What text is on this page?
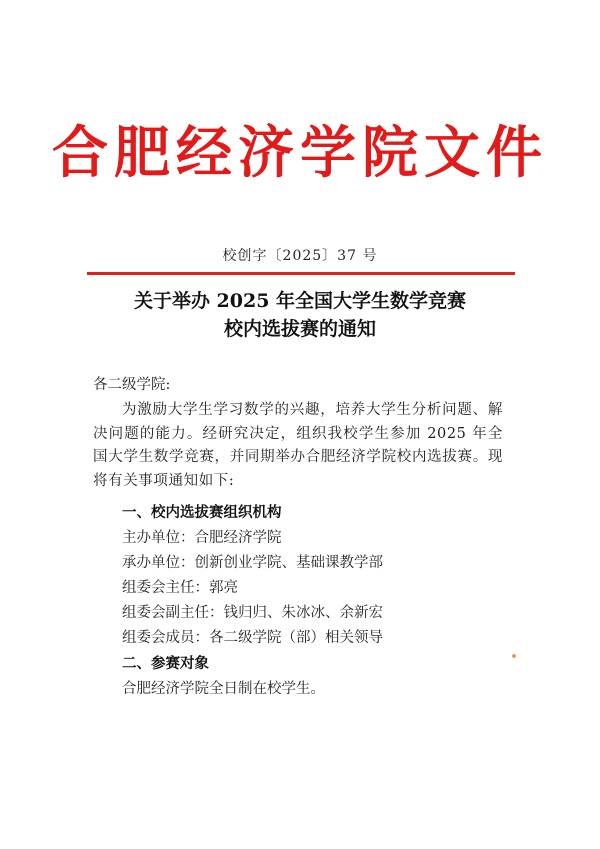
合肥经济学院文件
校创字〔2025〕37 号
关于举办 2025 年全国大学生数学竞赛
校内选拔赛的通知
各二级学院:
为激励大学生学习数学的兴趣，培养大学生分析问题、解决问题的能力。经研究决定，组织我校学生参加 2025 年全国大学生数学竞赛，并同期举办合肥经济学院校内选拔赛。现将有关事项通知如下:
一、校内选拔赛组织机构
主办单位：合肥经济学院
承办单位：创新创业学院、基础课教学部
组委会主任：郭亮
组委会副主任：钱归归、朱冰冰、余新宏
组委会成员：各二级学院（部）相关领导
二、参赛对象
合肥经济学院全日制在校学生。
